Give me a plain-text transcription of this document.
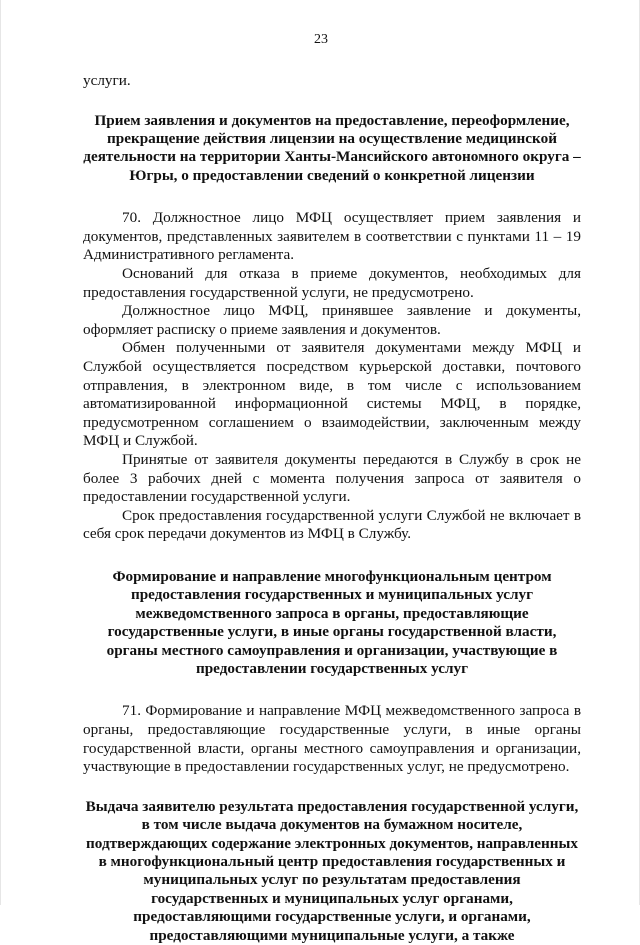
23

услуги.

Прием заявления и документов на предоставление, переоформление, прекращение действия лицензии на осуществление медицинской деятельности на территории Ханты-Мансийского автономного округа – Югры, о предоставлении сведений о конкретной лицензии

70. Должностное лицо МФЦ осуществляет прием заявления и документов, представленных заявителем в соответствии с пунктами 11 – 19 Административного регламента.

Оснований для отказа в приеме документов, необходимых для предоставления государственной услуги, не предусмотрено.

Должностное лицо МФЦ, принявшее заявление и документы, оформляет расписку о приеме заявления и документов.

Обмен полученными от заявителя документами между МФЦ и Службой осуществляется посредством курьерской доставки, почтового отправления, в электронном виде, в том числе с использованием автоматизированной информационной системы МФЦ, в порядке, предусмотренном соглашением о взаимодействии, заключенным между МФЦ и Службой.

Принятые от заявителя документы передаются в Службу в срок не более 3 рабочих дней с момента получения запроса от заявителя о предоставлении государственной услуги.

Срок предоставления государственной услуги Службой не включает в себя срок передачи документов из МФЦ в Службу.

Формирование и направление многофункциональным центром предоставления государственных и муниципальных услуг межведомственного запроса в органы, предоставляющие государственные услуги, в иные органы государственной власти, органы местного самоуправления и организации, участвующие в предоставлении государственных услуг

71. Формирование и направление МФЦ межведомственного запроса в органы, предоставляющие государственные услуги, в иные органы государственной власти, органы местного самоуправления и организации, участвующие в предоставлении государственных услуг, не предусмотрено.

Выдача заявителю результата предоставления государственной услуги, в том числе выдача документов на бумажном носителе, подтверждающих содержание электронных документов, направленных в многофункциональный центр предоставления государственных и муниципальных услуг по результатам предоставления государственных и муниципальных услуг органами, предоставляющими государственные услуги, и органами, предоставляющими муниципальные услуги, а также
